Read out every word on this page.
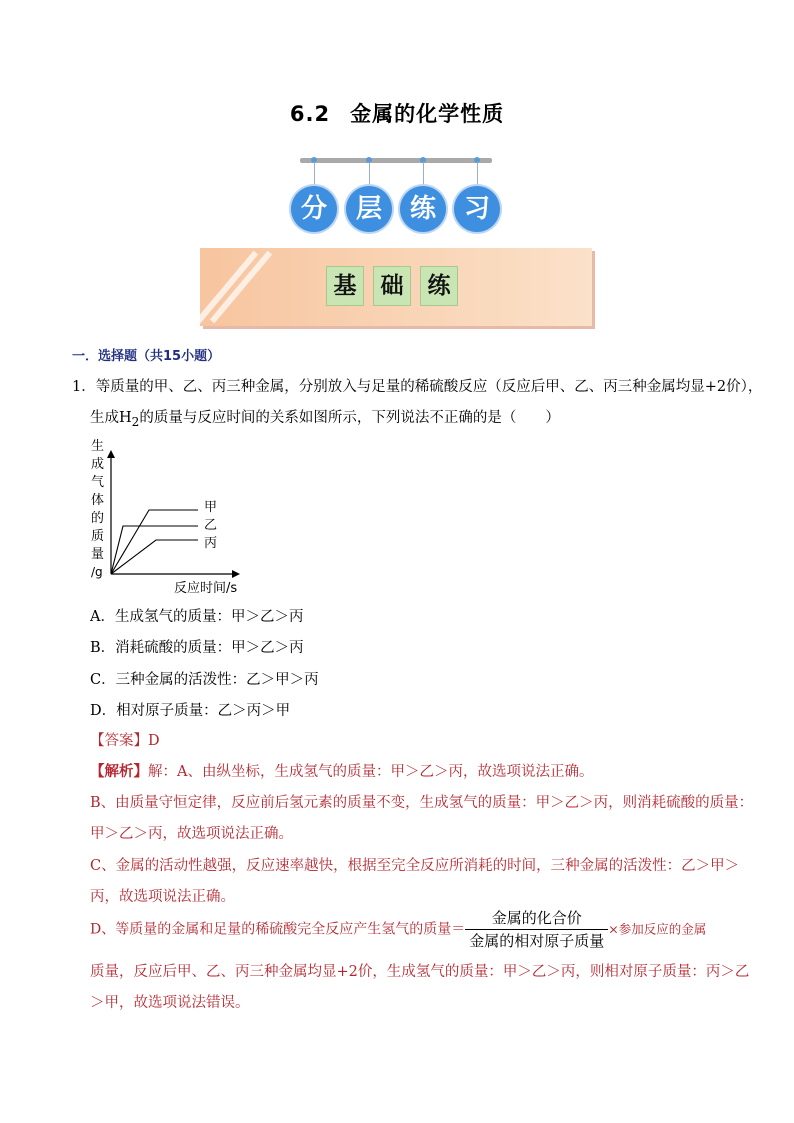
6.2 金属的化学性质
分	层	练	习
基	础	练
一．选择题（共15小题）
1．等质量的甲、乙、丙三种金属，分别放入与足量的稀硫酸反应（反应后甲、乙、丙三种金属均显+2价），
生成$H_2$的质量与反应时间的关系如图所示，下列说法不正确的是（　　）
生
成
气
体
的
质
量
/g
甲
乙
丙
反应时间/s
A．生成氢气的质量：甲＞乙＞丙
B．消耗硫酸的质量：甲＞乙＞丙
C．三种金属的活泼性：乙＞甲＞丙
D．相对原子质量：乙＞丙＞甲
【答案】D
【解析】解：A、由纵坐标，生成氢气的质量：甲＞乙＞丙，故选项说法正确。
B、由质量守恒定律，反应前后氢元素的质量不变，生成氢气的质量：甲＞乙＞丙，则消耗硫酸的质量：
甲＞乙＞丙，故选项说法正确。
C、金属的活动性越强，反应速率越快，根据至完全反应所消耗的时间，三种金属的活泼性：乙＞甲＞
丙，故选项说法正确。
D、等质量的金属和足量的稀硫酸完全反应产生氢气的质量＝ $\frac{\text{金属的化合价}}{\text{金属的相对原子质量}}$ ×参加反应的金属
质量，反应后甲、乙、丙三种金属均显+2价，生成氢气的质量：甲＞乙＞丙，则相对原子质量：丙＞乙
＞甲，故选项说法错误。
